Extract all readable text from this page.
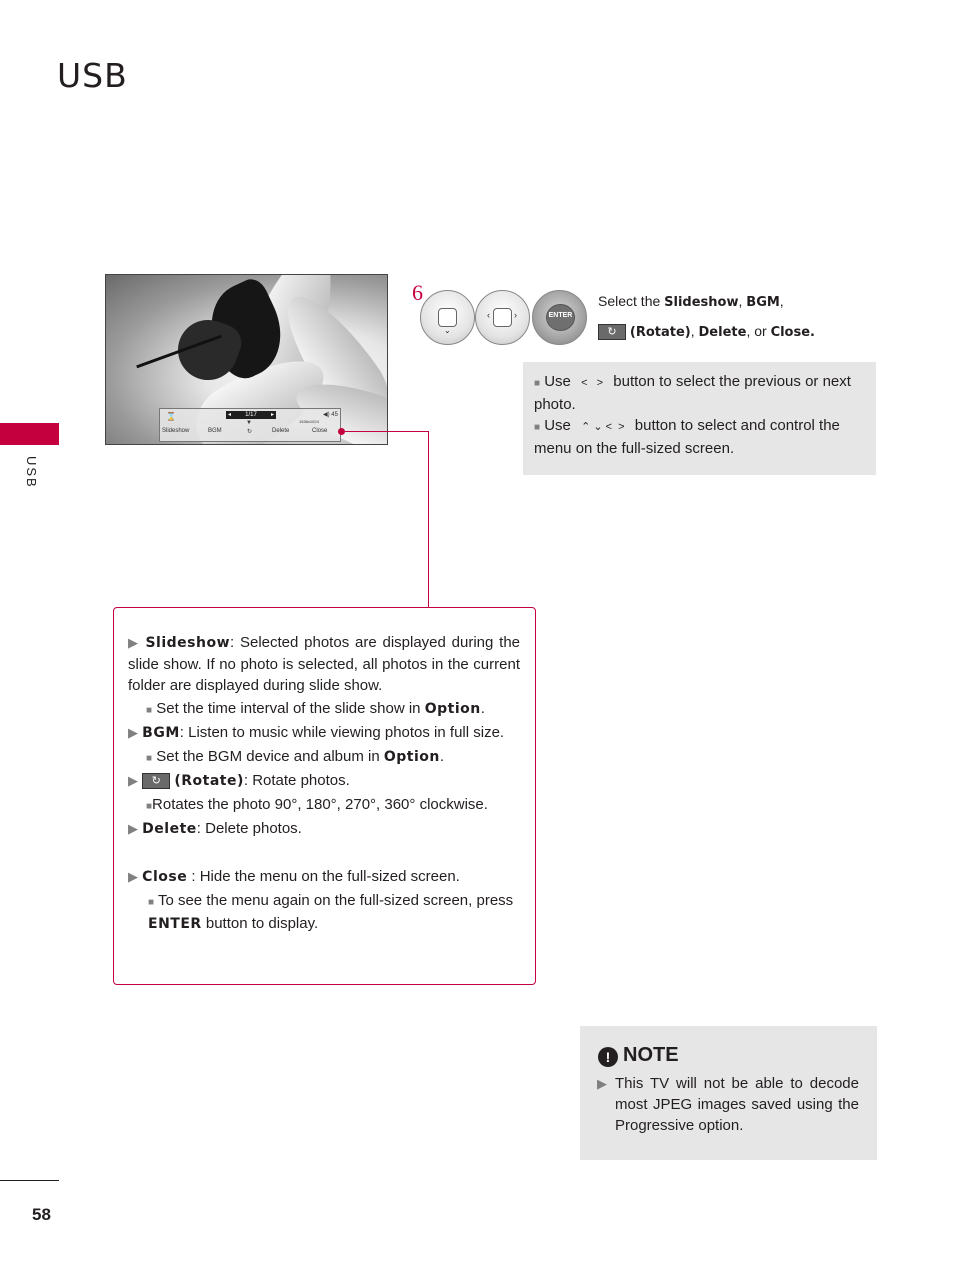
USB
USB
58
⌛	◂ 1/17 ▸
▼
◀) 45
1536x1024
Slideshow	BGM	↻	Delete	Close
6
⌄
‹	›	ENTER
Select the Slideshow, BGM,
↻ (Rotate), Delete, or Close.
■ Use <   > button to select the previous or next photo.
■ Use ⌃ ⌄ <  > button to select and control the menu on the full-sized screen.
▶ Slideshow: Selected photos are displayed during the slide show. If no photo is selected, all photos in the current folder are displayed during slide show.
■ Set the time interval of the slide show in Option.
▶ BGM: Listen to music while viewing photos in full size.
■ Set the BGM device and album in Option.
▶ ↻ (Rotate): Rotate photos.
■Rotates the photo 90°, 180°, 270°, 360° clockwise.
▶ Delete: Delete photos.
▶ Close : Hide the menu on the full-sized screen.
■ To see the menu again on the full-sized screen, press ENTER button to display.
! NOTE
▶ This TV will not be able to decode most JPEG images saved using the Progressive option.
